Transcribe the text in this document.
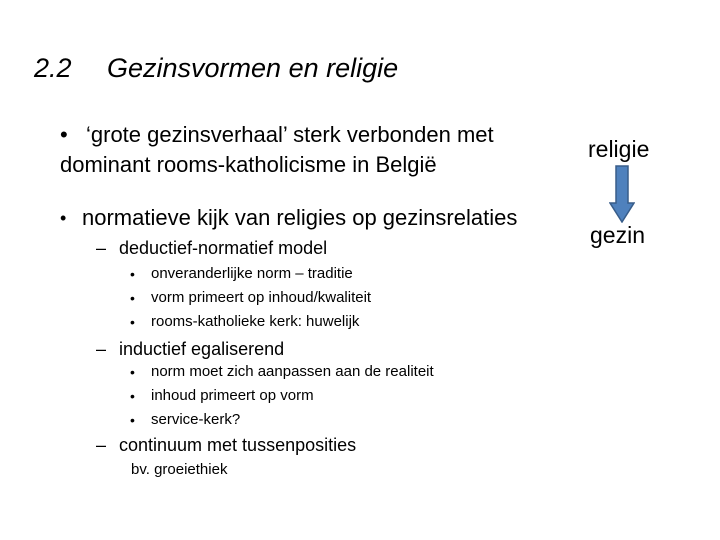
2.2 Gezinsvormen en religie
• ‘grote gezinsverhaal’ sterk verbonden met
dominant rooms-katholicisme in België
• normatieve kijk van religies op gezinsrelaties
– deductief-normatief model
• onveranderlijke norm – traditie
• vorm primeert op inhoud/kwaliteit
• rooms-katholieke kerk: huwelijk
– inductief egaliserend
• norm moet zich aanpassen aan de realiteit
• inhoud primeert op vorm
• service-kerk?
– continuum met tussenposities
bv. groeiethiek
religie
gezin
